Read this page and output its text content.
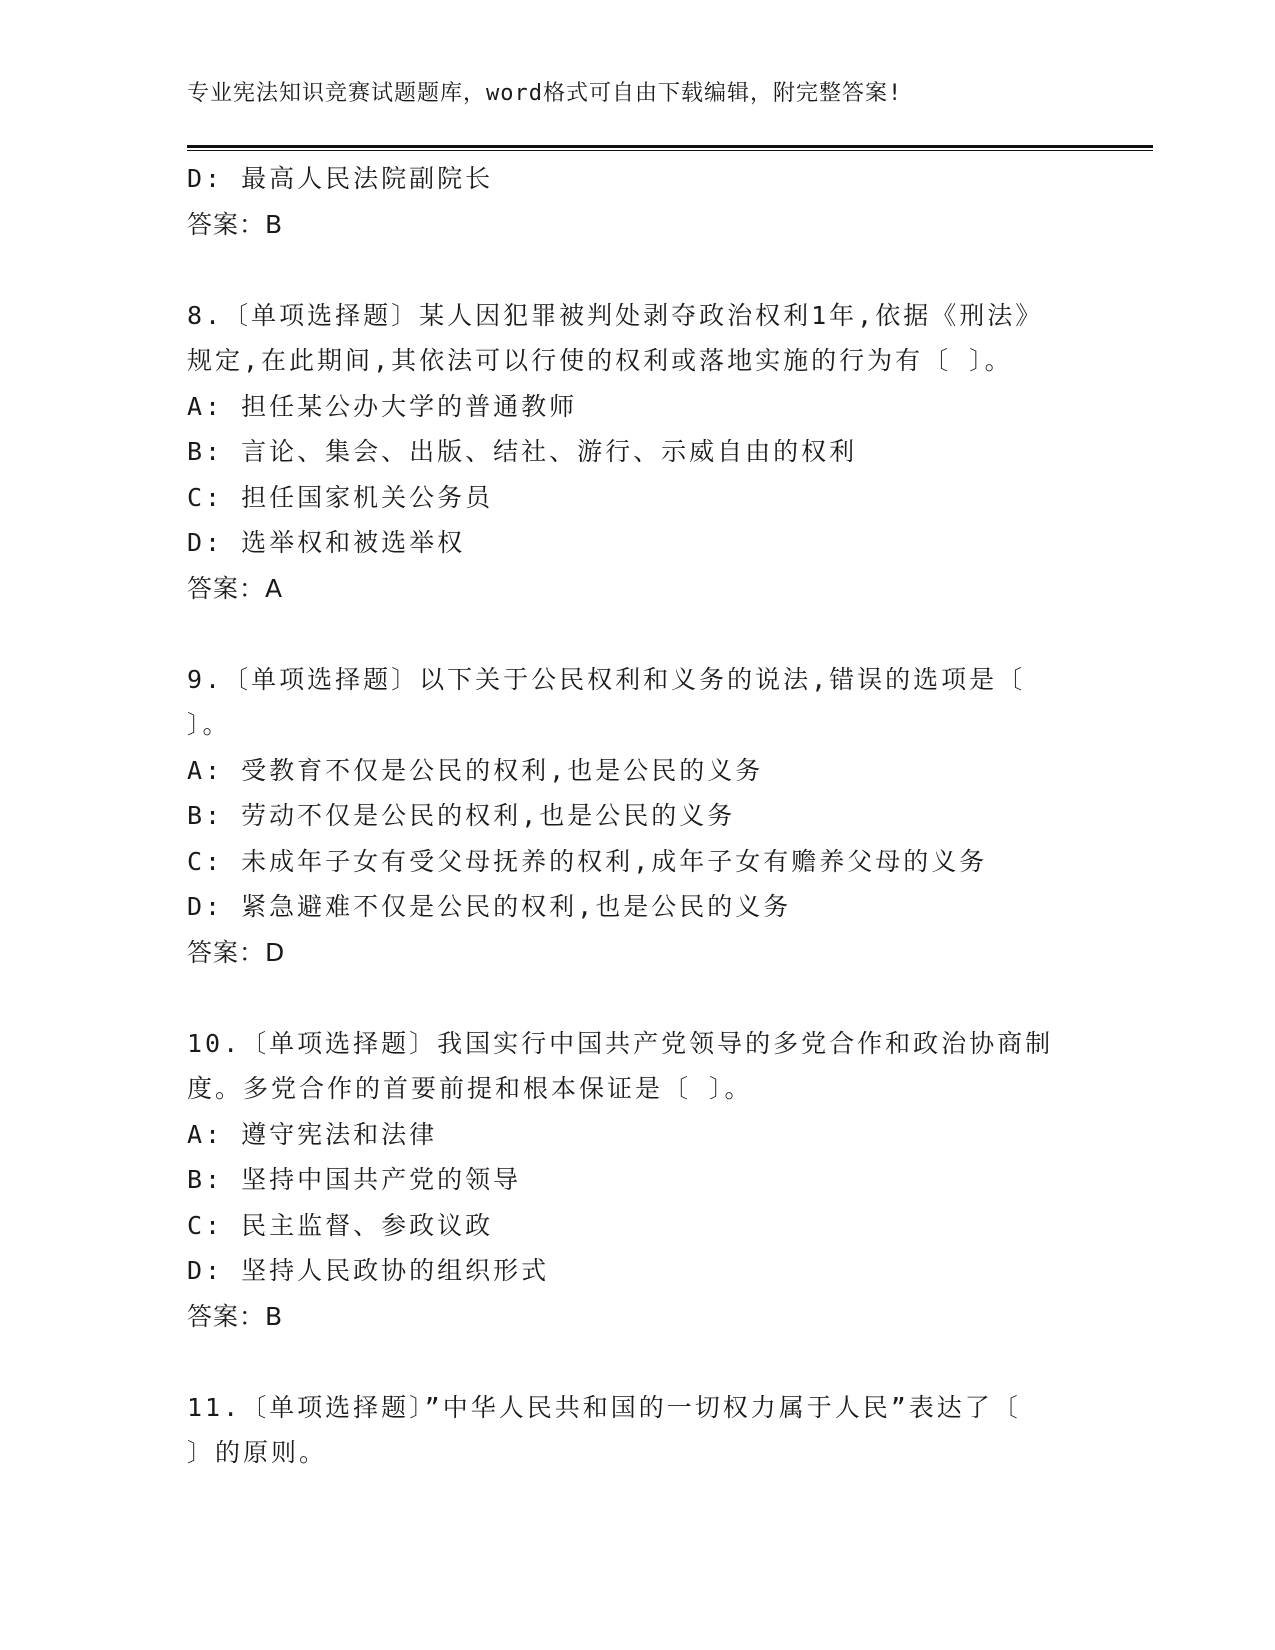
专业宪法知识竞赛试题题库，word格式可自由下载编辑，附完整答案!
D: 最高人民法院副院长
答案：B
8.〔单项选择题〕某人因犯罪被判处剥夺政治权利1年,依据《刑法》
规定,在此期间,其依法可以行使的权利或落地实施的行为有〔 〕。
A: 担任某公办大学的普通教师
B: 言论、集会、出版、结社、游行、示威自由的权利
C: 担任国家机关公务员
D: 选举权和被选举权
答案：A
9.〔单项选择题〕以下关于公民权利和义务的说法,错误的选项是〔
〕。
A: 受教育不仅是公民的权利,也是公民的义务
B: 劳动不仅是公民的权利,也是公民的义务
C: 未成年子女有受父母抚养的权利,成年子女有赡养父母的义务
D: 紧急避难不仅是公民的权利,也是公民的义务
答案：D
10.〔单项选择题〕我国实行中国共产党领导的多党合作和政治协商制
度。多党合作的首要前提和根本保证是〔 〕。
A: 遵守宪法和法律
B: 坚持中国共产党的领导
C: 民主监督、参政议政
D: 坚持人民政协的组织形式
答案：B
11.〔单项选择题〕”中华人民共和国的一切权力属于人民”表达了〔
〕的原则。
